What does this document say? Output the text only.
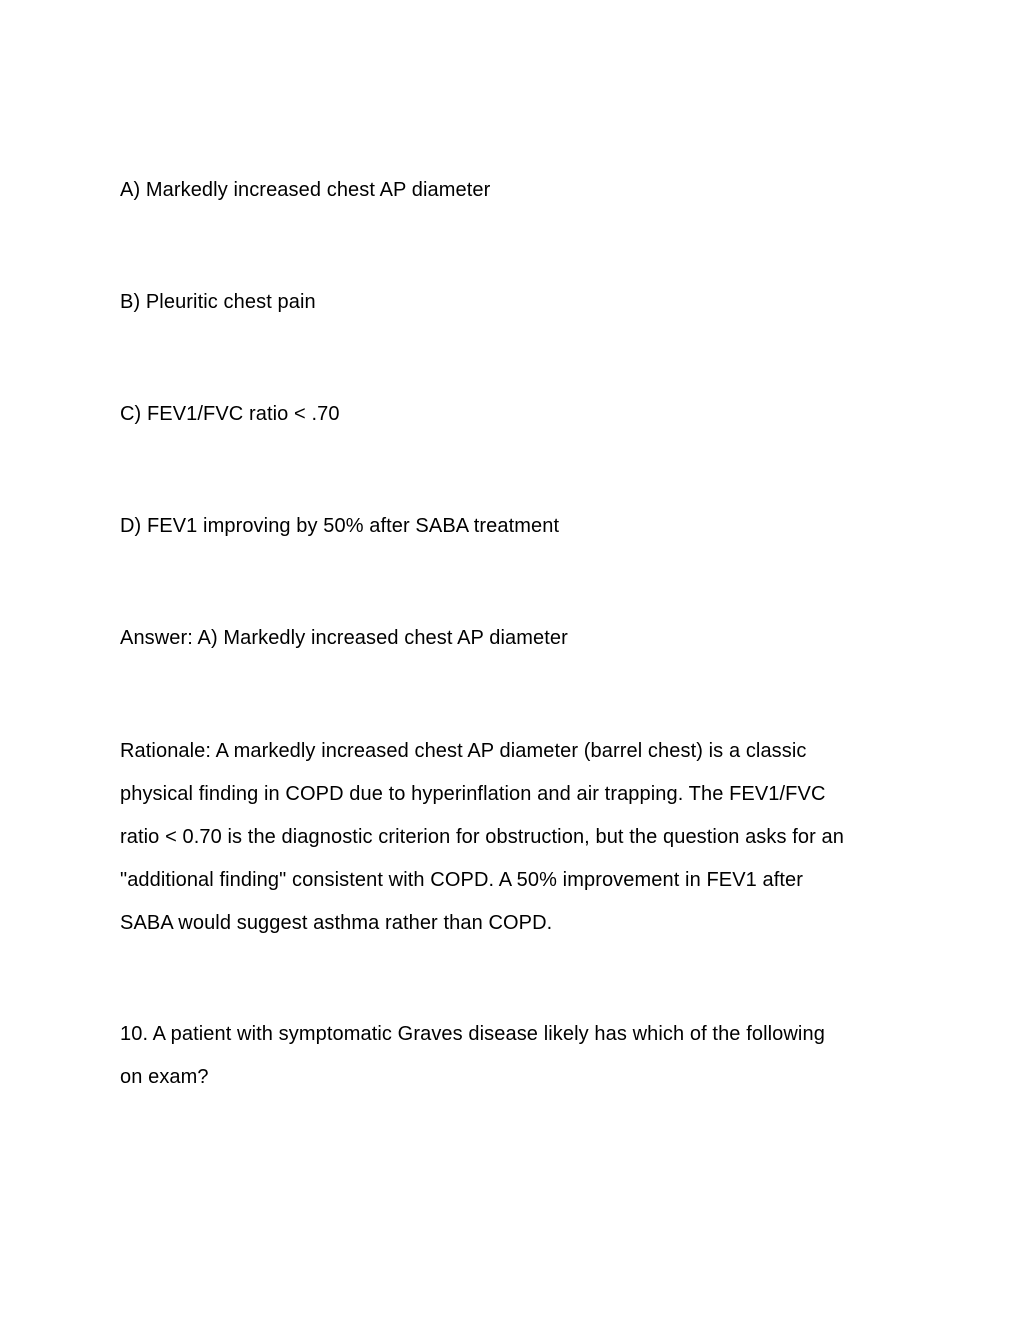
A) Markedly increased chest AP diameter
B) Pleuritic chest pain
C) FEV1/FVC ratio < .70
D) FEV1 improving by 50% after SABA treatment
Answer: A) Markedly increased chest AP diameter
Rationale: A markedly increased chest AP diameter (barrel chest) is a classic
physical finding in COPD due to hyperinflation and air trapping. The FEV1/FVC
ratio < 0.70 is the diagnostic criterion for obstruction, but the question asks for an
"additional finding" consistent with COPD. A 50% improvement in FEV1 after
SABA would suggest asthma rather than COPD.
10. A patient with symptomatic Graves disease likely has which of the following
on exam?
